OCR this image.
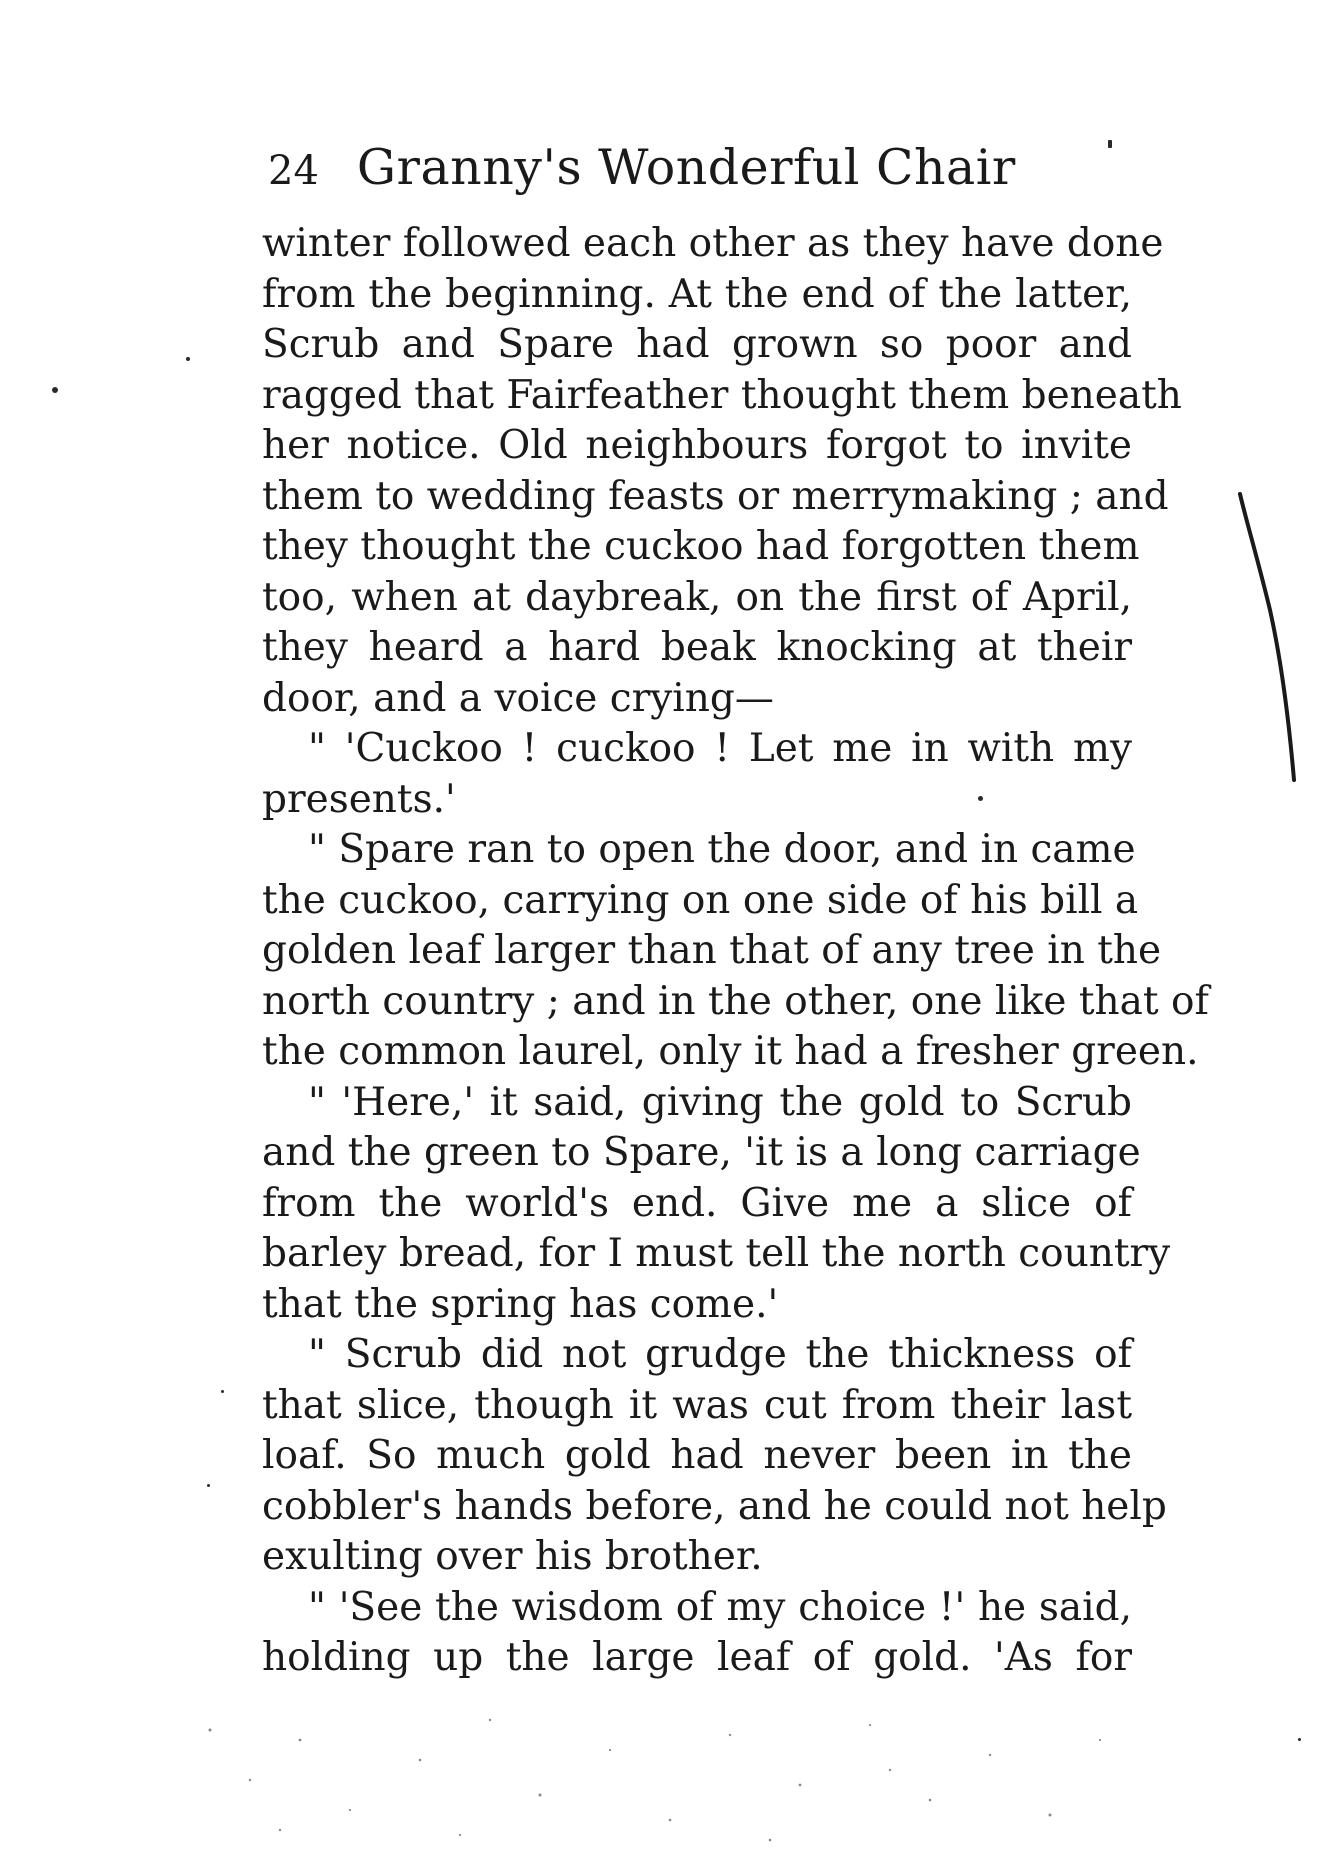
24 Granny's Wonderful Chair
winter followed each other as they have done
from the beginning. At the end of the latter,
Scrub and Spare had grown so poor and
ragged that Fairfeather thought them beneath
her notice. Old neighbours forgot to invite
them to wedding feasts or merrymaking ; and
they thought the cuckoo had forgotten them
too, when at daybreak, on the first of April,
they heard a hard beak knocking at their
door, and a voice crying—
" 'Cuckoo ! cuckoo ! Let me in with my
presents.'
" Spare ran to open the door, and in came
the cuckoo, carrying on one side of his bill a
golden leaf larger than that of any tree in the
north country ; and in the other, one like that of
the common laurel, only it had a fresher green.
" 'Here,' it said, giving the gold to Scrub
and the green to Spare, 'it is a long carriage
from the world's end. Give me a slice of
barley bread, for I must tell the north country
that the spring has come.'
" Scrub did not grudge the thickness of
that slice, though it was cut from their last
loaf. So much gold had never been in the
cobbler's hands before, and he could not help
exulting over his brother.
" 'See the wisdom of my choice !' he said,
holding up the large leaf of gold. 'As for
